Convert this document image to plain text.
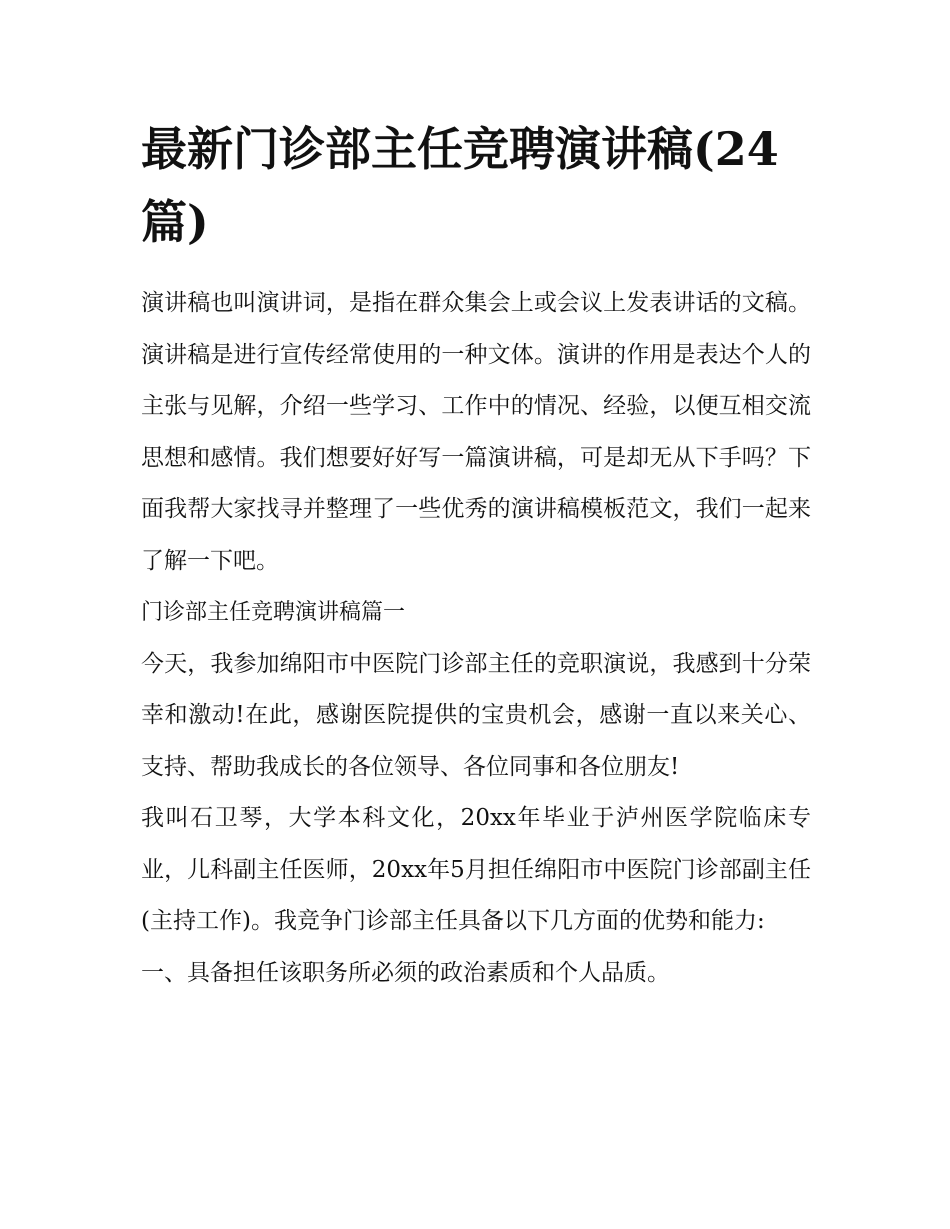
最新门诊部主任竞聘演讲稿(24篇)

演讲稿也叫演讲词，是指在群众集会上或会议上发表讲话的文稿。演讲稿是进行宣传经常使用的一种文体。演讲的作用是表达个人的主张与见解，介绍一些学习、工作中的情况、经验，以便互相交流思想和感情。我们想要好好写一篇演讲稿，可是却无从下手吗？下面我帮大家找寻并整理了一些优秀的演讲稿模板范文，我们一起来了解一下吧。

门诊部主任竞聘演讲稿篇一

今天，我参加绵阳市中医院门诊部主任的竞职演说，我感到十分荣幸和激动!在此，感谢医院提供的宝贵机会，感谢一直以来关心、支持、帮助我成长的各位领导、各位同事和各位朋友!

我叫石卫琴，大学本科文化，20xx年毕业于泸州医学院临床专业，儿科副主任医师，20xx年5月担任绵阳市中医院门诊部副主任(主持工作)。我竞争门诊部主任具备以下几方面的优势和能力:

一、具备担任该职务所必须的政治素质和个人品质。
